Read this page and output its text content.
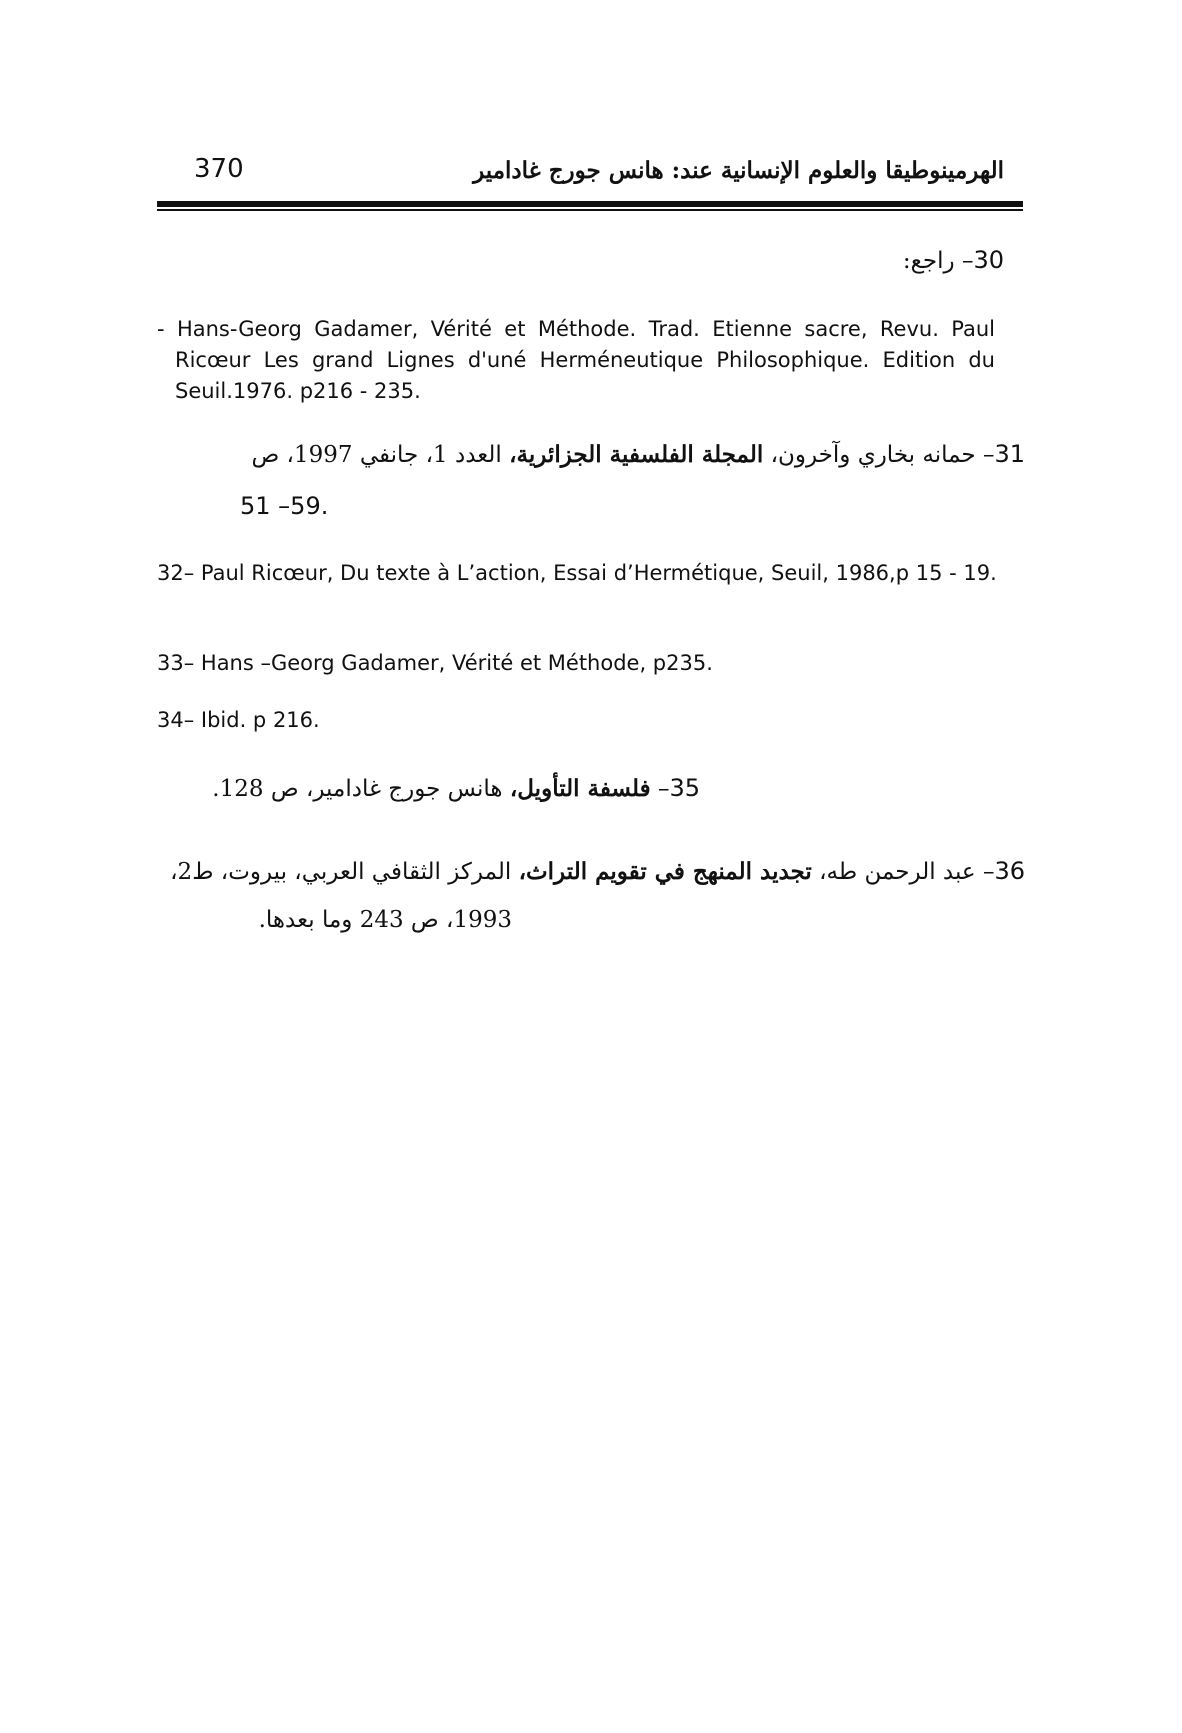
370	الهرمينوطيقا والعلوم الإنسانية عند: هانس جورج غادامير
30– راجع:
- Hans-Georg Gadamer, Vérité et Méthode. Trad. Etienne sacre, Revu. Paul Ricœur Les grand Lignes d'uné Herméneutique Philosophique. Edition du Seuil.1976. p216 - 235.
31– حمانه بخاري وآخرون، المجلة الفلسفية الجزائرية، العدد 1، جانفي 1997، ص
51 –59.
32– Paul Ricœur, Du texte à L’action, Essai d’Hermétique, Seuil, 1986,p 15 - 19.
33– Hans –Georg Gadamer, Vérité et Méthode, p235.
34– Ibid. p 216.
35– فلسفة التأويل، هانس جورج غادامير، ص 128.
36– عبد الرحمن طه، تجديد المنهج في تقويم التراث، المركز الثقافي العربي، بيروت، ط2،
1993، ص 243 وما بعدها.
